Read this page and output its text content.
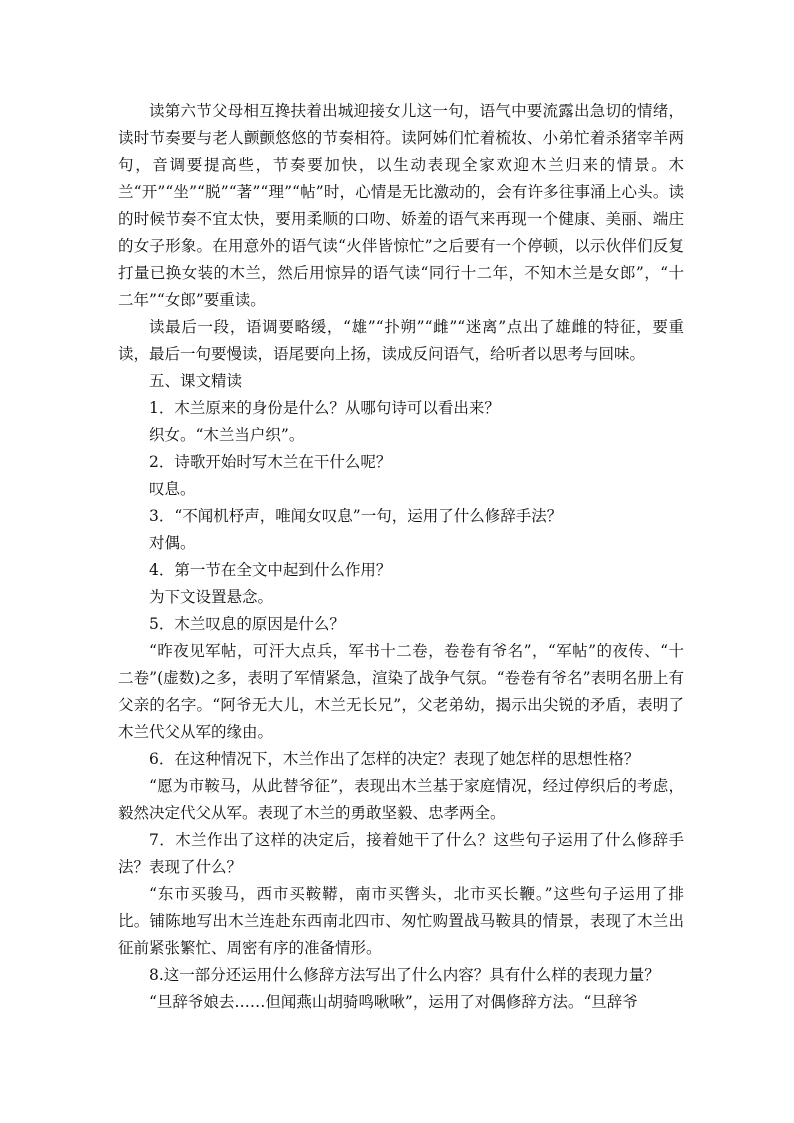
读第六节父母相互搀扶着出城迎接女儿这一句，语气中要流露出急切的情绪，读时节奏要与老人颤颤悠悠的节奏相符。读阿姊们忙着梳妆、小弟忙着杀猪宰羊两句，音调要提高些，节奏要加快，以生动表现全家欢迎木兰归来的情景。木兰“开”“坐”“脱”“著”“理”“帖”时，心情是无比激动的，会有许多往事涌上心头。读的时候节奏不宜太快，要用柔顺的口吻、娇羞的语气来再现一个健康、美丽、端庄的女子形象。在用意外的语气读“火伴皆惊忙”之后要有一个停顿，以示伙伴们反复打量已换女装的木兰，然后用惊异的语气读“同行十二年，不知木兰是女郎”，“十二年”“女郎”要重读。

读最后一段，语调要略缓，“雄”“扑朔”“雌”“迷离”点出了雄雌的特征，要重读，最后一句要慢读，语尾要向上扬，读成反问语气，给听者以思考与回味。

五、课文精读

1．木兰原来的身份是什么？从哪句诗可以看出来？

织女。“木兰当户织”。

2．诗歌开始时写木兰在干什么呢？

叹息。

3．“不闻机杼声，唯闻女叹息”一句，运用了什么修辞手法？

对偶。

4．第一节在全文中起到什么作用？

为下文设置悬念。

5．木兰叹息的原因是什么？

“昨夜见军帖，可汗大点兵，军书十二卷，卷卷有爷名”，“军帖”的夜传、“十二卷”(虚数)之多，表明了军情紧急，渲染了战争气氛。“卷卷有爷名”表明名册上有父亲的名字。“阿爷无大儿，木兰无长兄”，父老弟幼，揭示出尖锐的矛盾，表明了木兰代父从军的缘由。

6．在这种情况下，木兰作出了怎样的决定？表现了她怎样的思想性格？

“愿为市鞍马，从此替爷征”，表现出木兰基于家庭情况，经过停织后的考虑，毅然决定代父从军。表现了木兰的勇敢坚毅、忠孝两全。

7．木兰作出了这样的决定后，接着她干了什么？这些句子运用了什么修辞手法？表现了什么？

“东市买骏马，西市买鞍鞯，南市买辔头，北市买长鞭。”这些句子运用了排比。铺陈地写出木兰连赴东西南北四市、匆忙购置战马鞍具的情景，表现了木兰出征前紧张繁忙、周密有序的准备情形。

8.这一部分还运用什么修辞方法写出了什么内容？具有什么样的表现力量？

“旦辞爷娘去……但闻燕山胡骑鸣啾啾”，运用了对偶修辞方法。“旦辞爷
